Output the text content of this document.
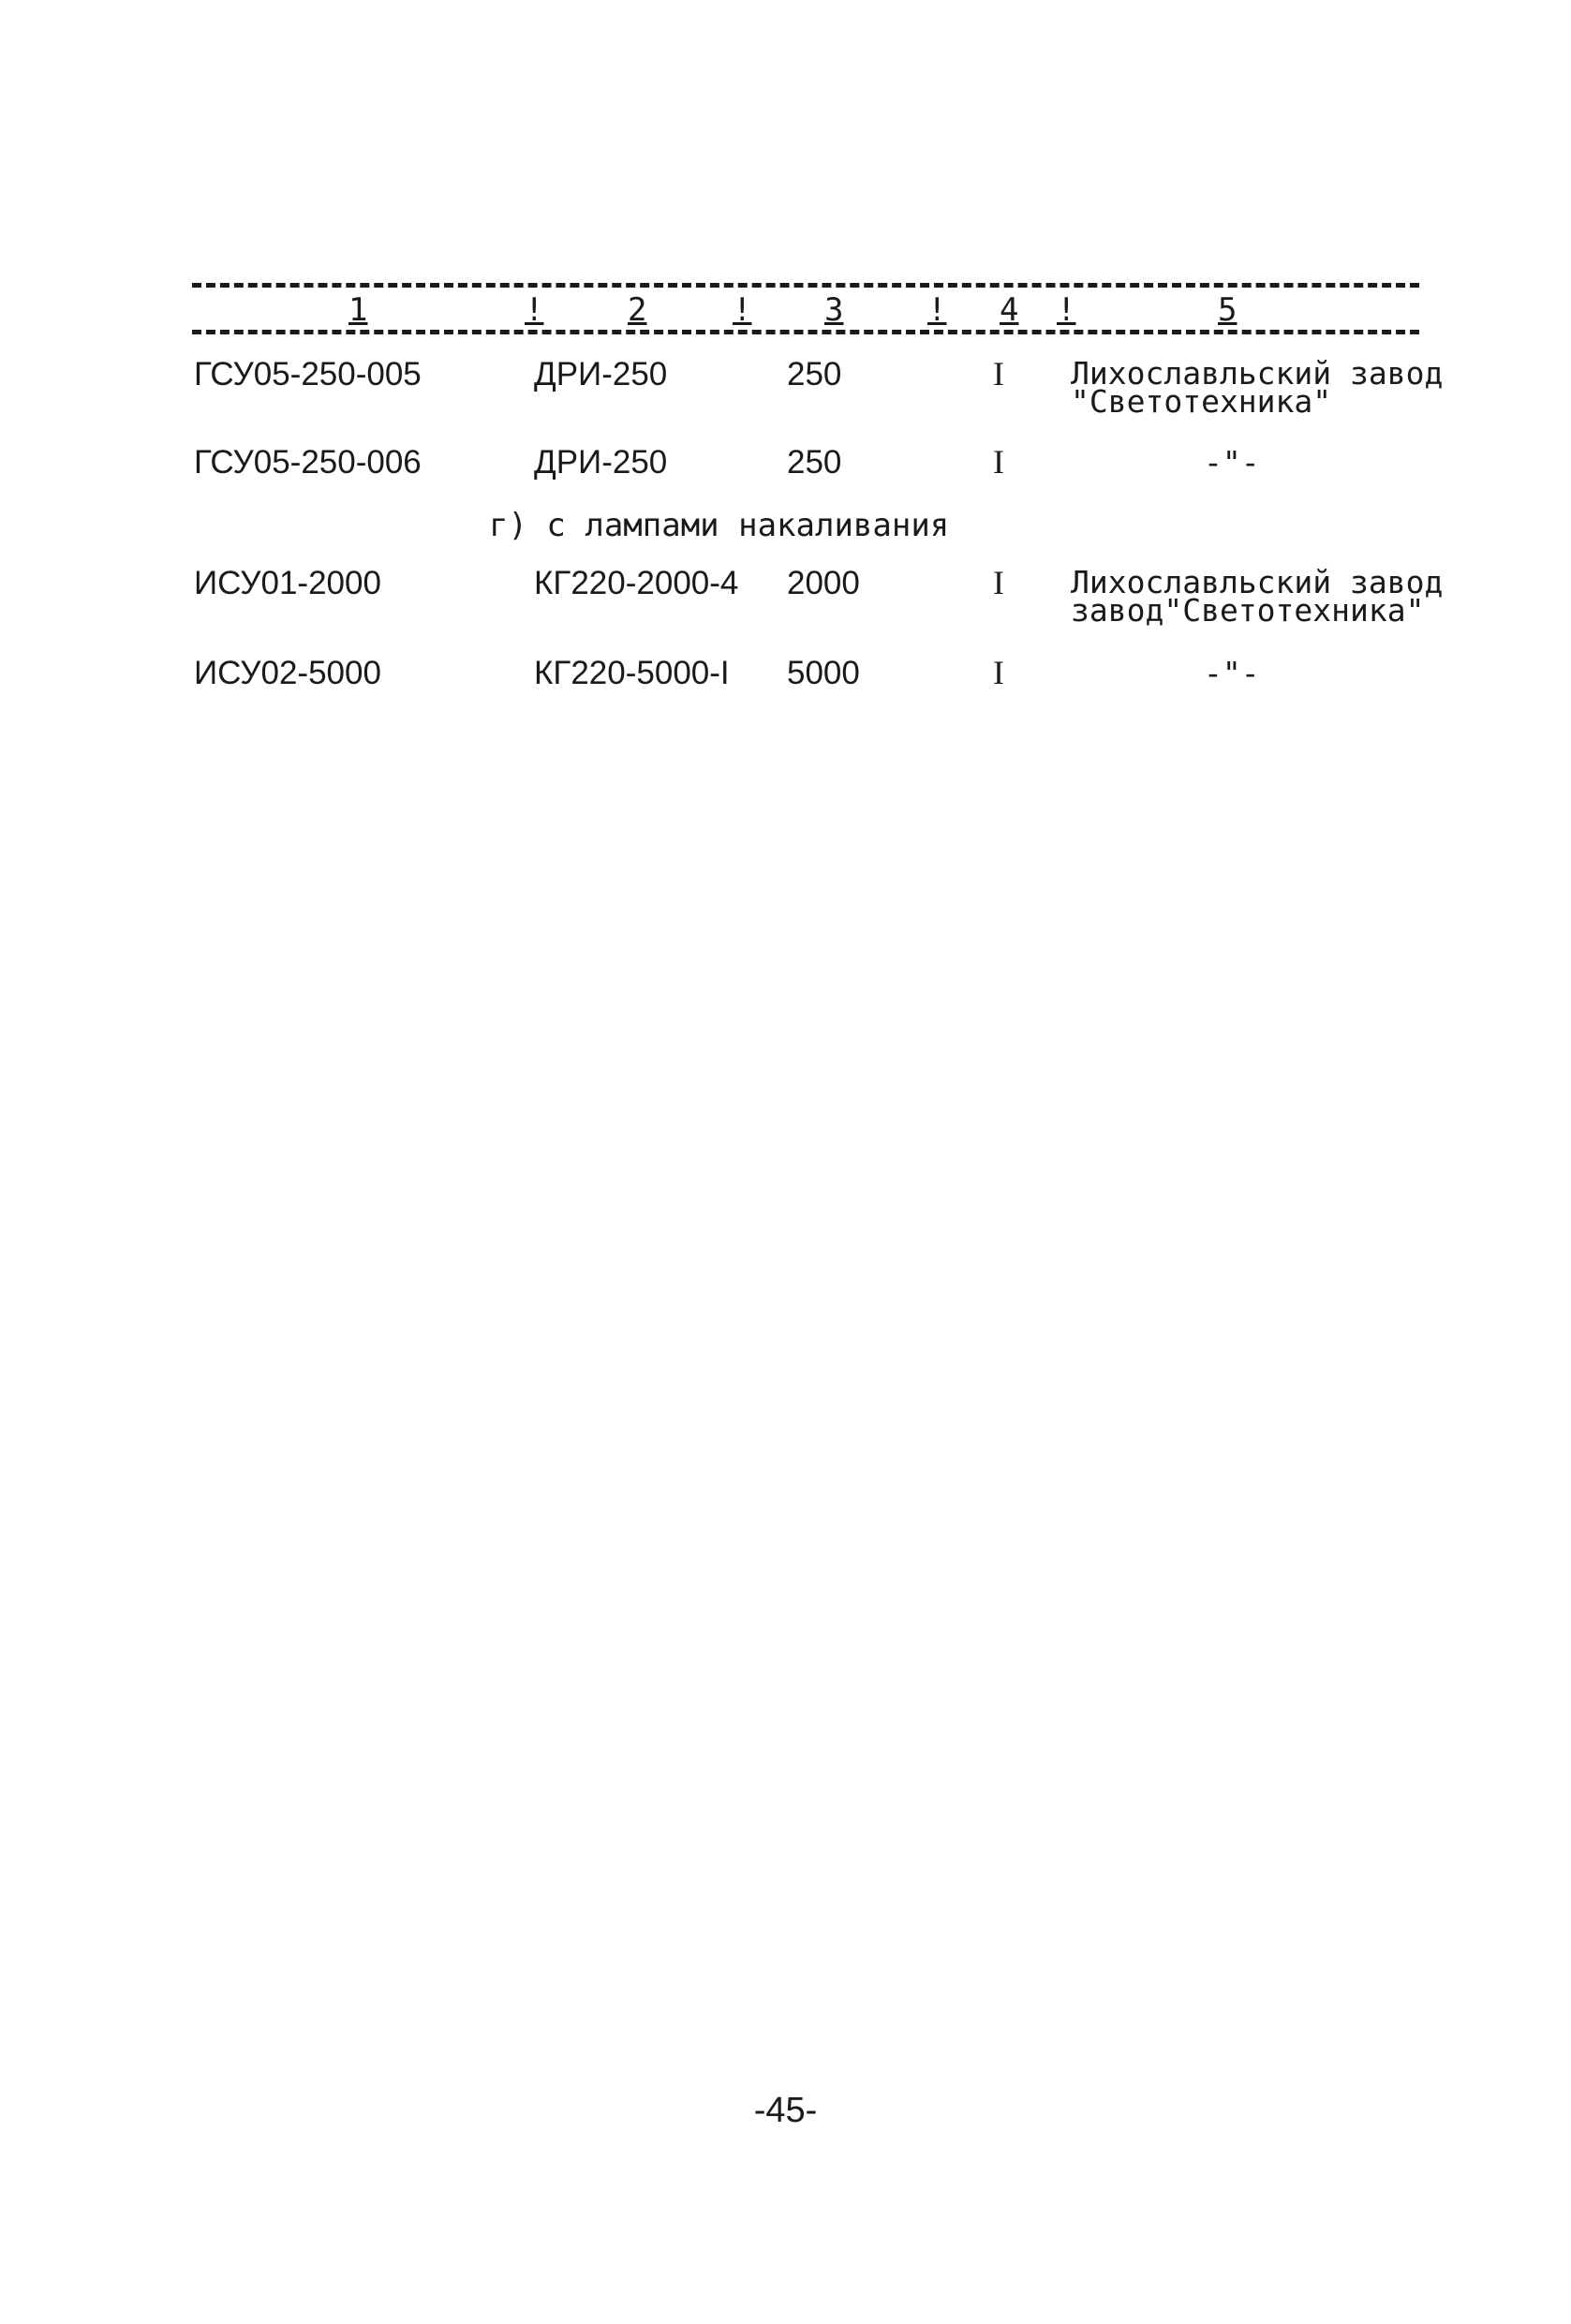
1	!	2	! 3	! 4 !	5
ГСУ05-250-005	ДРИ-250	250	I Лихославльский завод
"Светотехника"
ГСУ05-250-006	ДРИ-250	250	I	-"-
г) с лампами накаливания
ИСУ01-2000	КГ220-2000-4 2000	I Лихославльский завод
завод"Светотехника"
ИСУ02-5000	КГ220-5000-I 5000	I	-"-
-45-
